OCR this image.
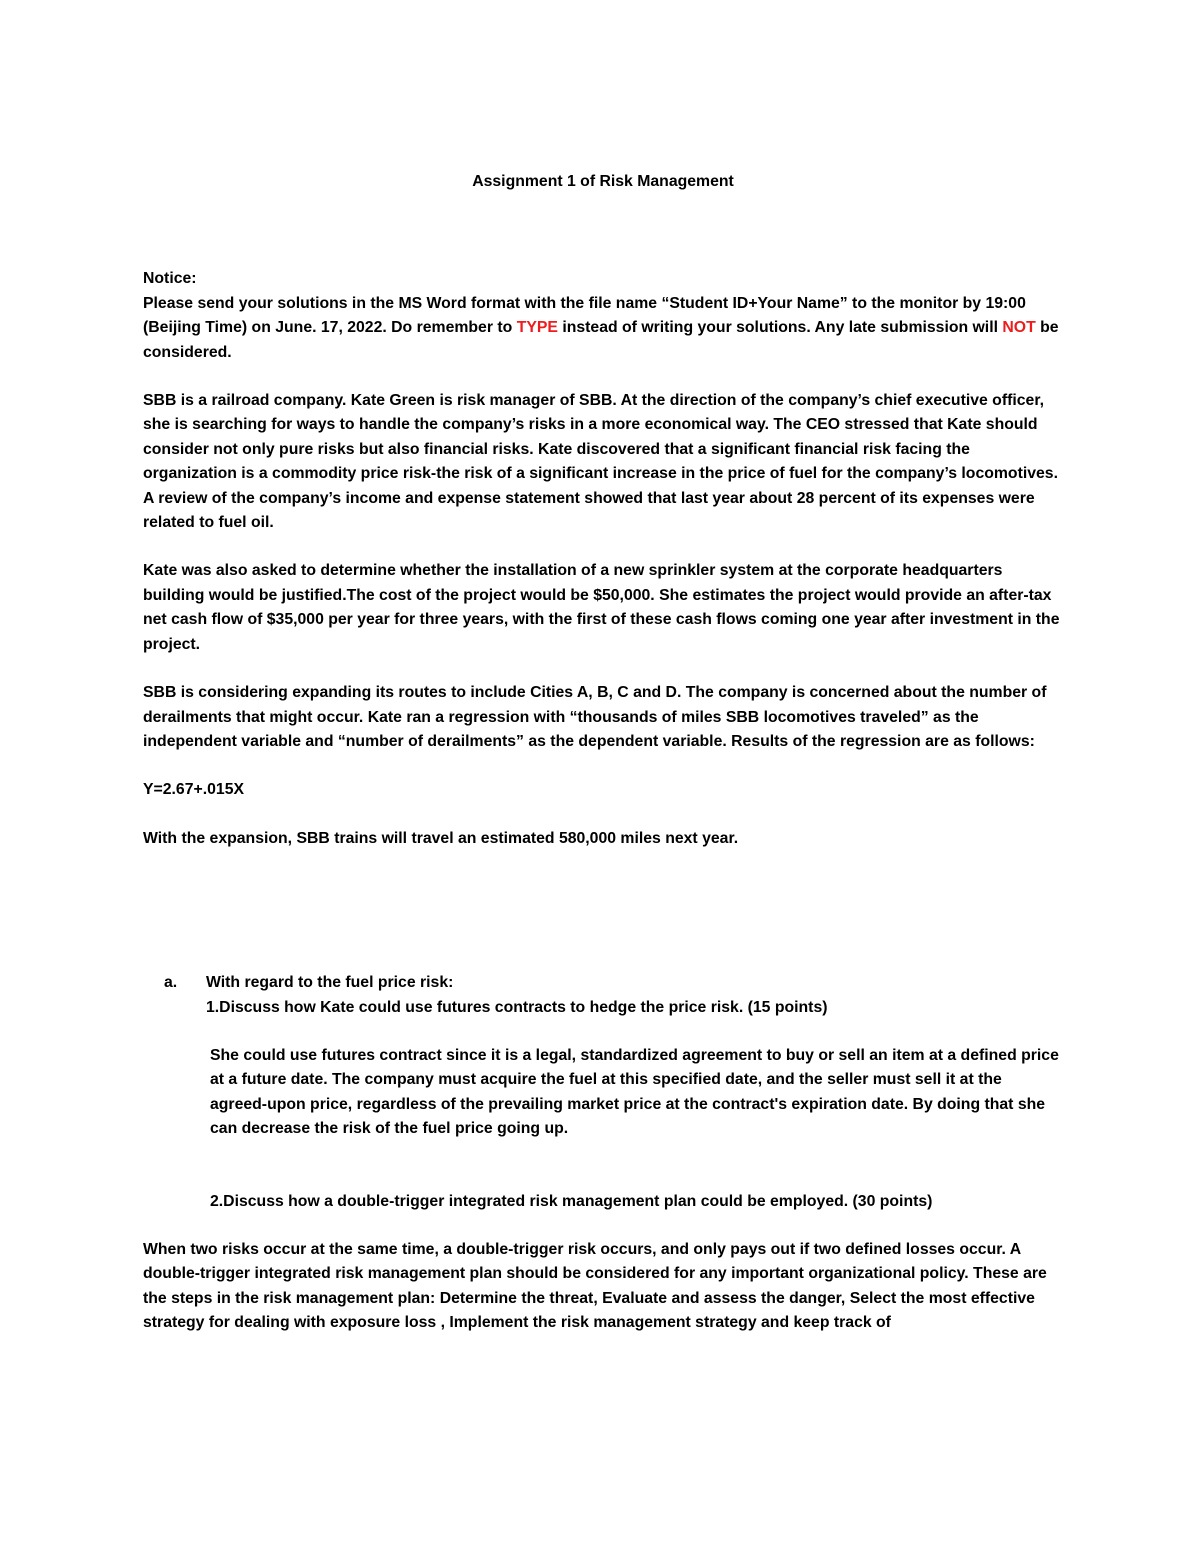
Assignment 1 of Risk Management

Notice:

Please send your solutions in the MS Word format with the file name “Student ID+Your Name” to the monitor by 19:00 (Beijing Time) on June. 17, 2022. Do remember to TYPE instead of writing your solutions. Any late submission will NOT be considered.

SBB is a railroad company. Kate Green is risk manager of SBB. At the direction of the company’s chief executive officer, she is searching for ways to handle the company’s risks in a more economical way. The CEO stressed that Kate should consider not only pure risks but also financial risks. Kate discovered that a significant financial risk facing the organization is a commodity price risk-the risk of a significant increase in the price of fuel for the company’s locomotives. A review of the company’s income and expense statement showed that last year about 28 percent of its expenses were related to fuel oil.

Kate was also asked to determine whether the installation of a new sprinkler system at the corporate headquarters building would be justified.The cost of the project would be $50,000. She estimates the project would provide an after-tax net cash flow of $35,000 per year for three years, with the first of these cash flows coming one year after investment in the project.

SBB is considering expanding its routes to include Cities A, B, C and D. The company is concerned about the number of derailments that might occur. Kate ran a regression with “thousands of miles SBB locomotives traveled” as the independent variable and “number of derailments” as the dependent variable. Results of the regression are as follows:

Y=2.67+.015X

With the expansion, SBB trains will travel an estimated 580,000 miles next year.

a. With regard to the fuel price risk:

1.Discuss how Kate could use futures contracts to hedge the price risk. (15 points)

She could use futures contract since it is a legal, standardized agreement to buy or sell an item at a defined price at a future date. The company must acquire the fuel at this specified date, and the seller must sell it at the agreed-upon price, regardless of the prevailing market price at the contract's expiration date. By doing that she can decrease the risk of the fuel price going up.

2.Discuss how a double-trigger integrated risk management plan could be employed. (30 points)

When two risks occur at the same time, a double-trigger risk occurs, and only pays out if two defined losses occur. A double-trigger integrated risk management plan should be considered for any important organizational policy. These are the steps in the risk management plan: Determine the threat, Evaluate and assess the danger, Select the most effective strategy for dealing with exposure loss , Implement the risk management strategy and keep track of
